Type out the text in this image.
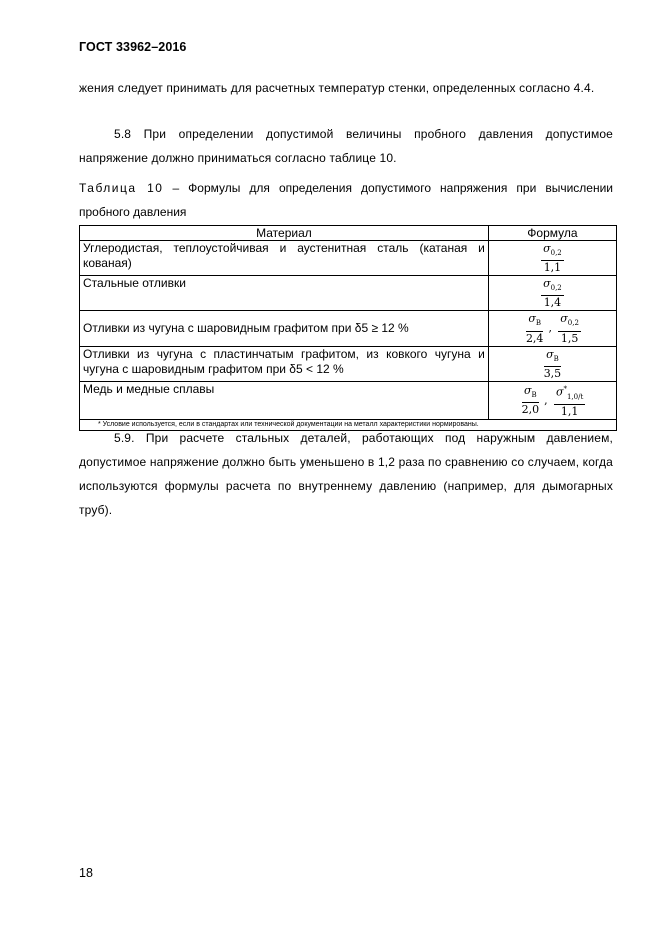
ГОСТ 33962–2016
жения следует принимать для расчетных температур стенки, определенных согласно 4.4.
5.8 При определении допустимой величины пробного давления допустимое напряжение должно приниматься согласно таблице 10.
Таблица 10 – Формулы для определения допустимого напряжения при вычислении пробного давления
Материал	Формула
Углеродистая, теплоустойчивая и аустенитная сталь (катаная и кованая)	$\frac{\sigma_{0,2}}{1,1}$

Стальные отливки	$\frac{\sigma_{0,2}}{1,4}$

Отливки из чугуна с шаровидным графитом при δ5 ≥ 12 %	$\frac{\sigma_В}{2,4}$ , $\frac{\sigma_{0,2}}{1,5}$

Отливки из чугуна с пластинчатым графитом, из ковкого чугуна и чугуна с шаровидным графитом при δ5 < 12 %	$\frac{\sigma_В}{3,5}$

Медь и медные сплавы	$\frac{\sigma_В}{2,0}$ , $\frac{\sigma^*_{1,0/t}}{1,1}$

* Условие используется, если в стандартах или технической документации на металл характеристики нормированы.	
5.9. При расчете стальных деталей, работающих под наружным давлением, допустимое напряжение должно быть уменьшено в 1,2 раза по сравнению со случаем, когда используются формулы расчета по внутреннему давлению (например, для дымогарных труб).
18
